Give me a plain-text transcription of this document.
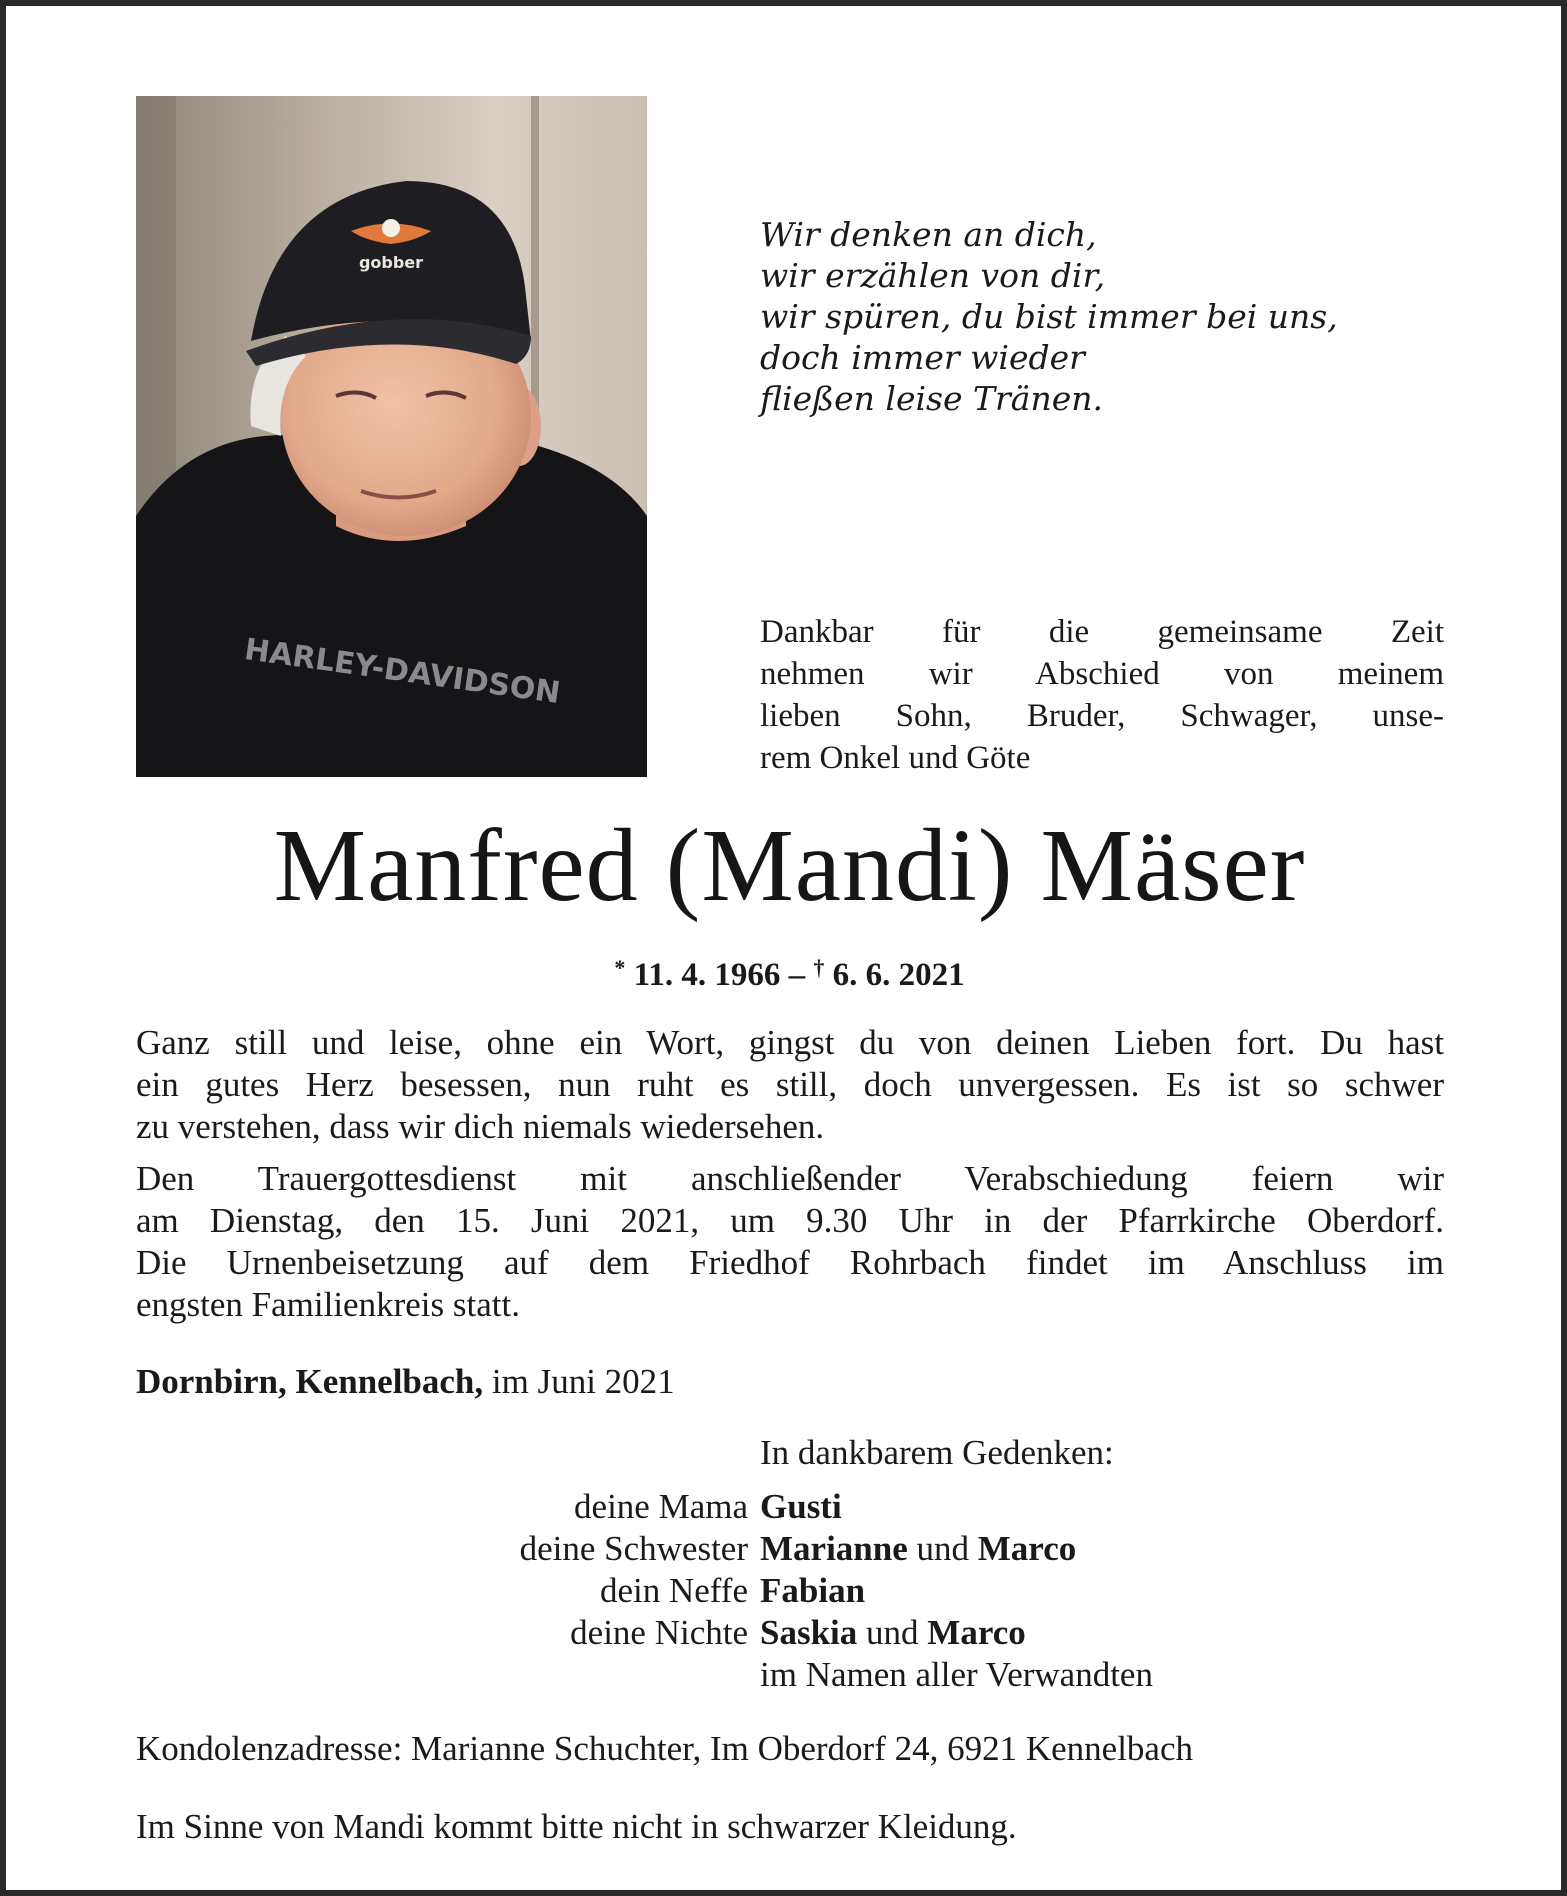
gobber
HARLEY-DAVIDSON
Wir denken an dich,
wir erzählen von dir,
wir spüren, du bist immer bei uns,
doch immer wieder
fließen leise Tränen.
Dankbar für die gemeinsame Zeit
nehmen wir Abschied von meinem
lieben Sohn, Bruder, Schwager, unse-
rem Onkel und Göte
Manfred (Mandi) Mäser
* 11. 4. 1966 – † 6. 6. 2021
Ganz still und leise, ohne ein Wort, gingst du von deinen Lieben fort. Du hast
ein gutes Herz besessen, nun ruht es still, doch unvergessen. Es ist so schwer
zu verstehen, dass wir dich niemals wiedersehen.
Den Trauergottesdienst mit anschließender Verabschiedung feiern wir
am Dienstag, den 15. Juni 2021, um 9.30 Uhr in der Pfarrkirche Oberdorf.
Die Urnenbeisetzung auf dem Friedhof Rohrbach findet im Anschluss im
engsten Familienkreis statt.
Dornbirn, Kennelbach, im Juni 2021
In dankbarem Gedenken:
deine Mama Gusti
deine Schwester Marianne und Marco
dein Neffe Fabian
deine Nichte Saskia und Marco
im Namen aller Verwandten
Kondolenzadresse: Marianne Schuchter, Im Oberdorf 24, 6921 Kennelbach
Im Sinne von Mandi kommt bitte nicht in schwarzer Kleidung.
